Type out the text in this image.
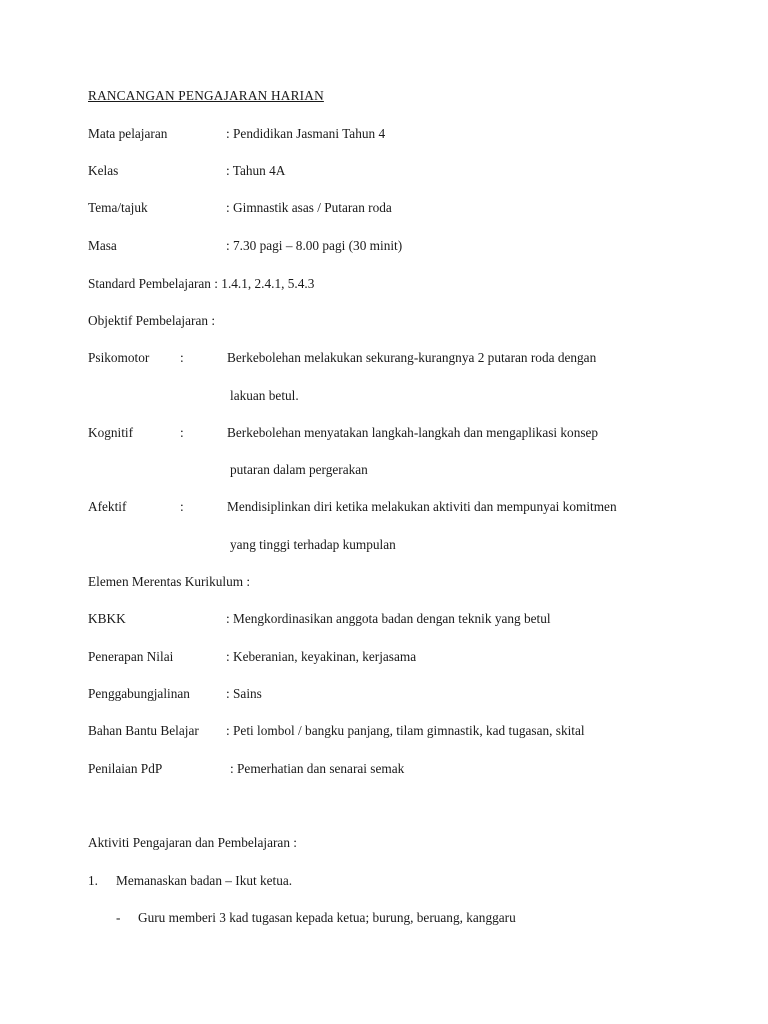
RANCANGAN PENGAJARAN HARIAN
Mata pelajaran	: Pendidikan Jasmani Tahun 4
Kelas	: Tahun 4A
Tema/tajuk	: Gimnastik asas / Putaran roda
Masa	: 7.30 pagi – 8.00 pagi (30 minit)
Standard Pembelajaran : 1.4.1, 2.4.1, 5.4.3
Objektif Pembelajaran :
Psikomotor :	Berkebolehan melakukan sekurang-kurangnya 2 putaran roda dengan
lakuan betul.
Kognitif	:	Berkebolehan menyatakan langkah-langkah dan mengaplikasi konsep
putaran dalam pergerakan
Afektif	:	Mendisiplinkan diri ketika melakukan aktiviti dan mempunyai komitmen
yang tinggi terhadap kumpulan
Elemen Merentas Kurikulum :
KBKK	: Mengkordinasikan anggota badan dengan teknik yang betul
Penerapan Nilai	: Keberanian, keyakinan, kerjasama
Penggabungjalinan	: Sains
Bahan Bantu Belajar : Peti lombol / bangku panjang, tilam gimnastik, kad tugasan, skital
Penilaian PdP	: Pemerhatian dan senarai semak
Aktiviti Pengajaran dan Pembelajaran :
1. Memanaskan badan – Ikut ketua.
- Guru memberi 3 kad tugasan kepada ketua; burung, beruang, kanggaru
